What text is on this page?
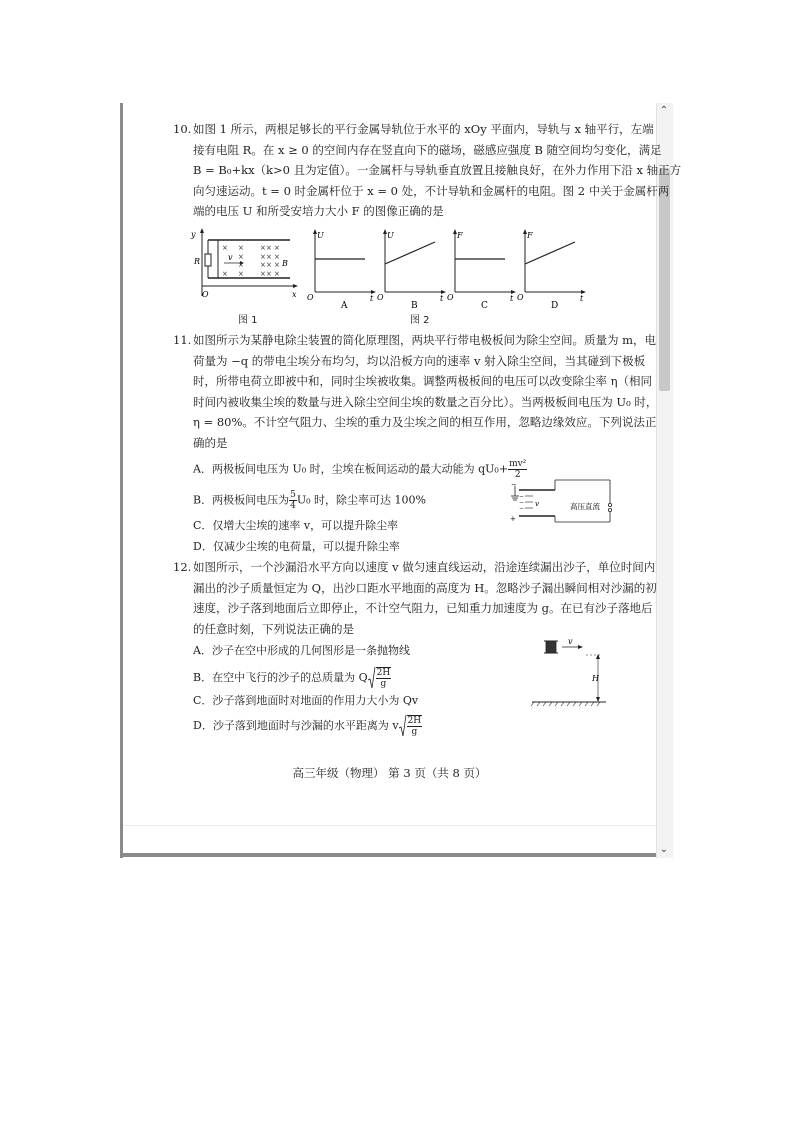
⌃
⌄
10. 如图 1 所示，两根足够长的平行金属导轨位于水平的 xOy 平面内，导轨与 x 轴平行，左端
接有电阻 R。在 x ≥ 0 的空间内存在竖直向下的磁场，磁感应强度 B 随空间均匀变化，满足
B = B₀+kx（k>0 且为定值）。一金属杆与导轨垂直放置且接触良好，在外力作用下沿 x 轴正方
向匀速运动。t = 0 时金属杆位于 x = 0 处，不计导轨和金属杆的电阻。图 2 中关于金属杆两
端的电压 U 和所受安培力大小 F 的图像正确的是
y
x
O
R	v
B
×
×
×
×
×
×
×
×
×
×
×
×
×
×
×
×
×
×
图 1
U
O	t
A
U
O	t
B
F
O	t
C
F
O	t
D
图 2
11. 如图所示为某静电除尘装置的简化原理图，两块平行带电极板间为除尘空间。质量为 m，电
荷量为 −q 的带电尘埃分布均匀，均以沿板方向的速率 v 射入除尘空间，当其碰到下极板
时，所带电荷立即被中和，同时尘埃被收集。调整两极板间的电压可以改变除尘率 η（相同
时间内被收集尘埃的数量与进入除尘空间尘埃的数量之百分比）。当两极板间电压为 U₀ 时，
η = 80%。不计空气阻力、尘埃的重力及尘埃之间的相互作用，忽略边缘效应。下列说法正
确的是
A．两极板间电压为 U₀ 时，尘埃在板间运动的最大动能为 $qU_0+ \frac{\text{mv²}}{2}$
B．两极板间电压为 $\frac{5}{4} U_0$ 时，除尘率可达 100%
C．仅增大尘埃的速率 v，可以提升除尘率
D．仅减少尘埃的电荷量，可以提升除尘率
−
−
−
−
+
v	高压直流
12. 如图所示，一个沙漏沿水平方向以速度 v 做匀速直线运动，沿途连续漏出沙子，单位时间内
漏出的沙子质量恒定为 Q，出沙口距水平地面的高度为 H。忽略沙子漏出瞬间相对沙漏的初
速度，沙子落到地面后立即停止，不计空气阻力，已知重力加速度为 g。在已有沙子落地后
的任意时刻，下列说法正确的是
A．沙子在空中形成的几何图形是一条抛物线
B．在空中飞行的沙子的总质量为 Q $\frac{2H}{g}$
C．沙子落到地面时对地面的作用力大小为 Qv
D．沙子落到地面时与沙漏的水平距离为 v $\frac{2H}{g}$
v
H
高三年级（物理） 第 3 页（共 8 页）
